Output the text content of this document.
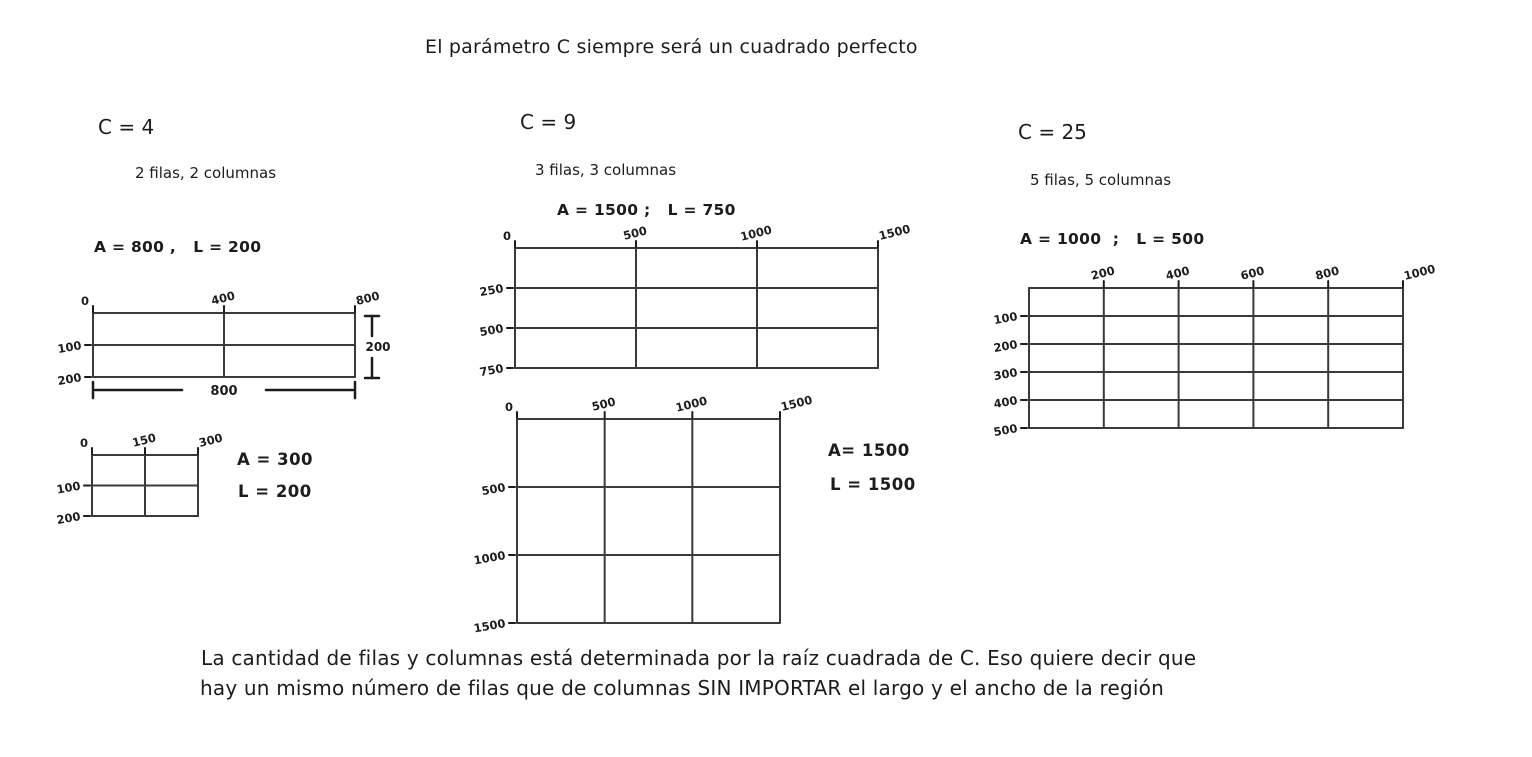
El parámetro C siempre será un cuadrado perfecto
C = 4
2 filas, 2 columnas
A = 800 ,   L = 200
0	400	800
100
200
200
800
0	150	300
100
200
A = 300
L = 200
C = 9
3 filas, 3 columnas
A = 1500 ;   L = 750
0	500	1000	1500
250
500
750
0	500	1000	1500
500
1000
1500
A= 1500
L = 1500
C = 25
5 filas, 5 columnas
A = 1000  ;   L = 500
200	400	600	800	1000
100
200
300
400
500
La cantidad de filas y columnas está determinada por la raíz cuadrada de C. Eso quiere decir que
hay un mismo número de filas que de columnas SIN IMPORTAR el largo y el ancho de la región
